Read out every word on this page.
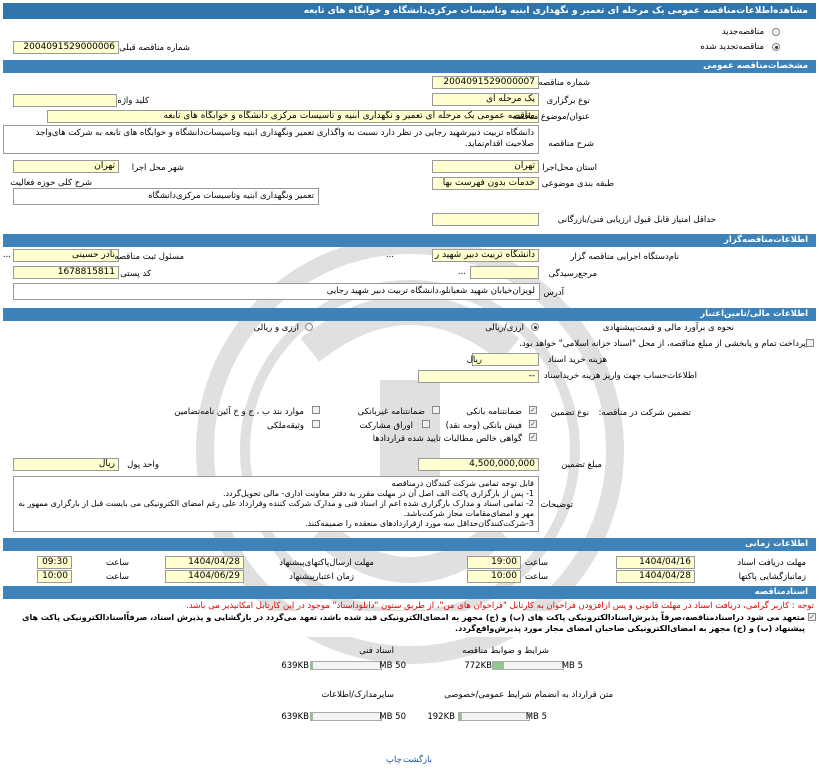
مشاهده‌اطلاعات‌مناقصه عمومی یک مرحله ای تعمیر و نگهداری ابنیه وتاسیسات مرکزی‌دانشگاه و خوابگاه های تابعه
مناقصه‌جدید
مناقصه‌تجدید شده
2004091529000006 شماره مناقصه قبلی
مشخصات‌مناقصه عمومی
2004091529000007 شماره مناقصه
یک مرحله ای	نوع برگزاری
کلید واژه
مناقصه عمومی یک مرحله ای تعمیر و نگهداری ابنیه و تاسیسات مرکزی دانشگاه و خوابگاه های تابعه
عنوان/موضوع مناقصه
دانشگاه تربیت دبیرشهید رجایی در نظر دارد نسبت به واگذاری تعمیر ونگهداری ابنیه وتاسیسات‌دانشگاه و خوابگاه های تابعه به شرکت های‌واجد صلاحیت اقدام‌نماید.	شرح مناقصه
تهران استان محل‌اجرا
تهران	شهر محل اجرا
خدمات بدون فهرست بها طبقه بندی موضوعی
شرح کلی حوزه فعالیت
تعمیر ونگهداری ابنیه وتاسیسات مرکزی‌دانشگاه
حداقل امتیاز قابل قبول ارزیابی فنی/بازرگانی
اطلاعات‌مناقصه‌گزار
دانشگاه تربیت دبیر شهید ر
...	نام‌دستگاه اجرایی مناقصه گزار
نادر حسینی
...	مسئول ثبت مناقصه
...	مرجع‌رسیدگی
1678815811 کد پستی
لویزان‌خیابان شهید شعبانلو،دانشگاه تربیت دبیر شهید رجایی آدرس
اطلاعات مالی/تامین‌اعتبار
نحوه ی برآورد مالی و قیمت‌پیشنهادی
ارزی/ریالی
ارزی و ریالی
پرداخت تمام و یابخشی از مبلغ مناقصه، از محل "اسناد خزانه اسلامی" خواهد بود.
ریال	هزینه خرید اسناد
--	اطلاعات‌حساب جهت واریز هزینه خریداسناد
تضمین شرکت در مناقصه:
نوع تضمین
✓
ضمانتنامه بانکی
ضمانتنامه غیربانکی
موارد بند ب ، ج و خ آئین نامه‌تضامین
✓
فیش بانکی (وجه نقد)
اوراق مشارکت
وثیقه‌ملکی
✓
گواهی خالص مطالبات تایید شده قراردادها
4,500,000,000	مبلغ تضمین
ریال	واحد پول
قابل توجه تمامی شرکت کنندگان درمناقصه
1- پس از بارگزاری پاکت الف اصل آن در مهلت مقرر به دفتر معاونت اداری- مالی تحویل‌گردد.
2- تمامی اسناد و مدارک بارگزاری شده اعم از اسناد فنی و مدارک شرکت کننده وقرارداد علی رغم امضای الکترونیکی می بایست قبل از بارگزاری ممهور به مهر و امضای‌مقامات مجاز شرکت‌باشد.
3-شرکت‌کنندگان‌حداقل سه مورد ازقراردادهای منعقده را ضمیمه‌کنند.
توضیحات
اطلاعات زمانی
1404/04/16	مهلت دریافت اسناد
19:00 ساعت
1404/04/28	مهلت ارسال‌پاکتهای‌پیشنهاد
09:30	ساعت
1404/04/28	زمانبازگشایی پاکتها
10:00 ساعت
1404/06/29	زمان اعتبارپیشنهاد
10:00	ساعت
اسنادمناقصه
توجه : کاربر گرامی، دریافت اسناد در مهلت قانونی و پس ازافزودن فراخوان به کارتابل "فراخوان های من"، از طریق ستون "دانلوداسناد" موجود در این کارتابل امکانپذیر می باشد.
✓
متعهد می شود دراسنادمناقصه،صرفاً پذیرش‌اسنادالکترونیکی پاکت های (ب) و (ج) مجهز به امضای‌الکترونیکی قید شده باشد، تعهد می‌گردد در بازگشایی و پذیرش اسناد، صرفاً‌اسنادالکترونیکی پاکت های پیشنهاد (ب) و (ج) مجهز به امضای‌الکترونیکی صاحبان امضای مجاز مورد پذیرش‌واقع‌گردد.
شرایط و ضوابط مناقصه
772KB	5 MB
اسناد فنی
639KB	50 MB
متن قرارداد به انضمام شرایط عمومی/خصوصی
192KB	5 MB
سایرمدارک/اطلاعات
639KB	50 MB
چاپ بازگشت
